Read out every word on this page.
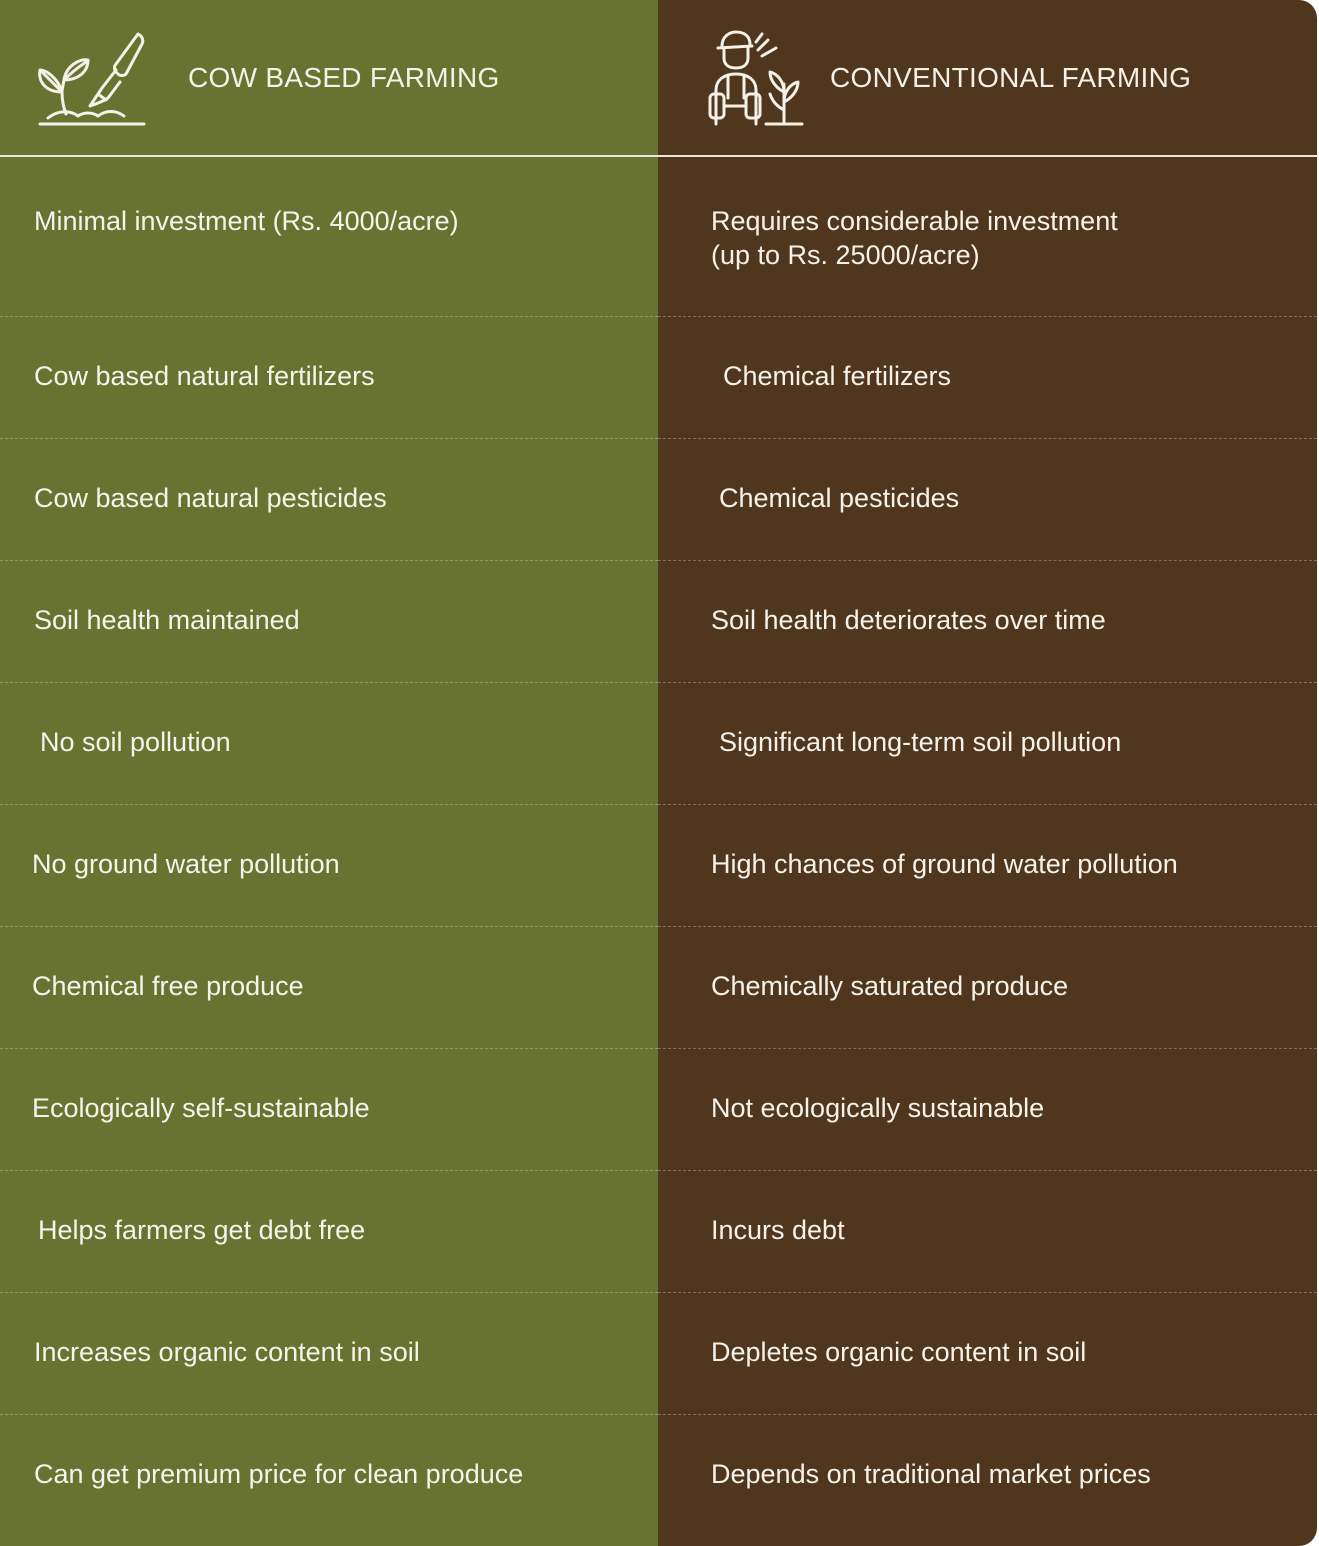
COW BASED FARMING
Minimal investment (Rs. 4000/acre)
Cow based natural fertilizers
Cow based natural pesticides
Soil health maintained
No soil pollution
No ground water pollution
Chemical free produce
Ecologically self-sustainable
Helps farmers get debt free
Increases organic content in soil
Can get premium price for clean produce
CONVENTIONAL FARMING
Requires considerable investment
(up to Rs. 25000/acre)
Chemical fertilizers
Chemical pesticides
Soil health deteriorates over time
Significant long-term soil pollution
High chances of ground water pollution
Chemically saturated produce
Not ecologically sustainable
Incurs debt
Depletes organic content in soil
Depends on traditional market prices
